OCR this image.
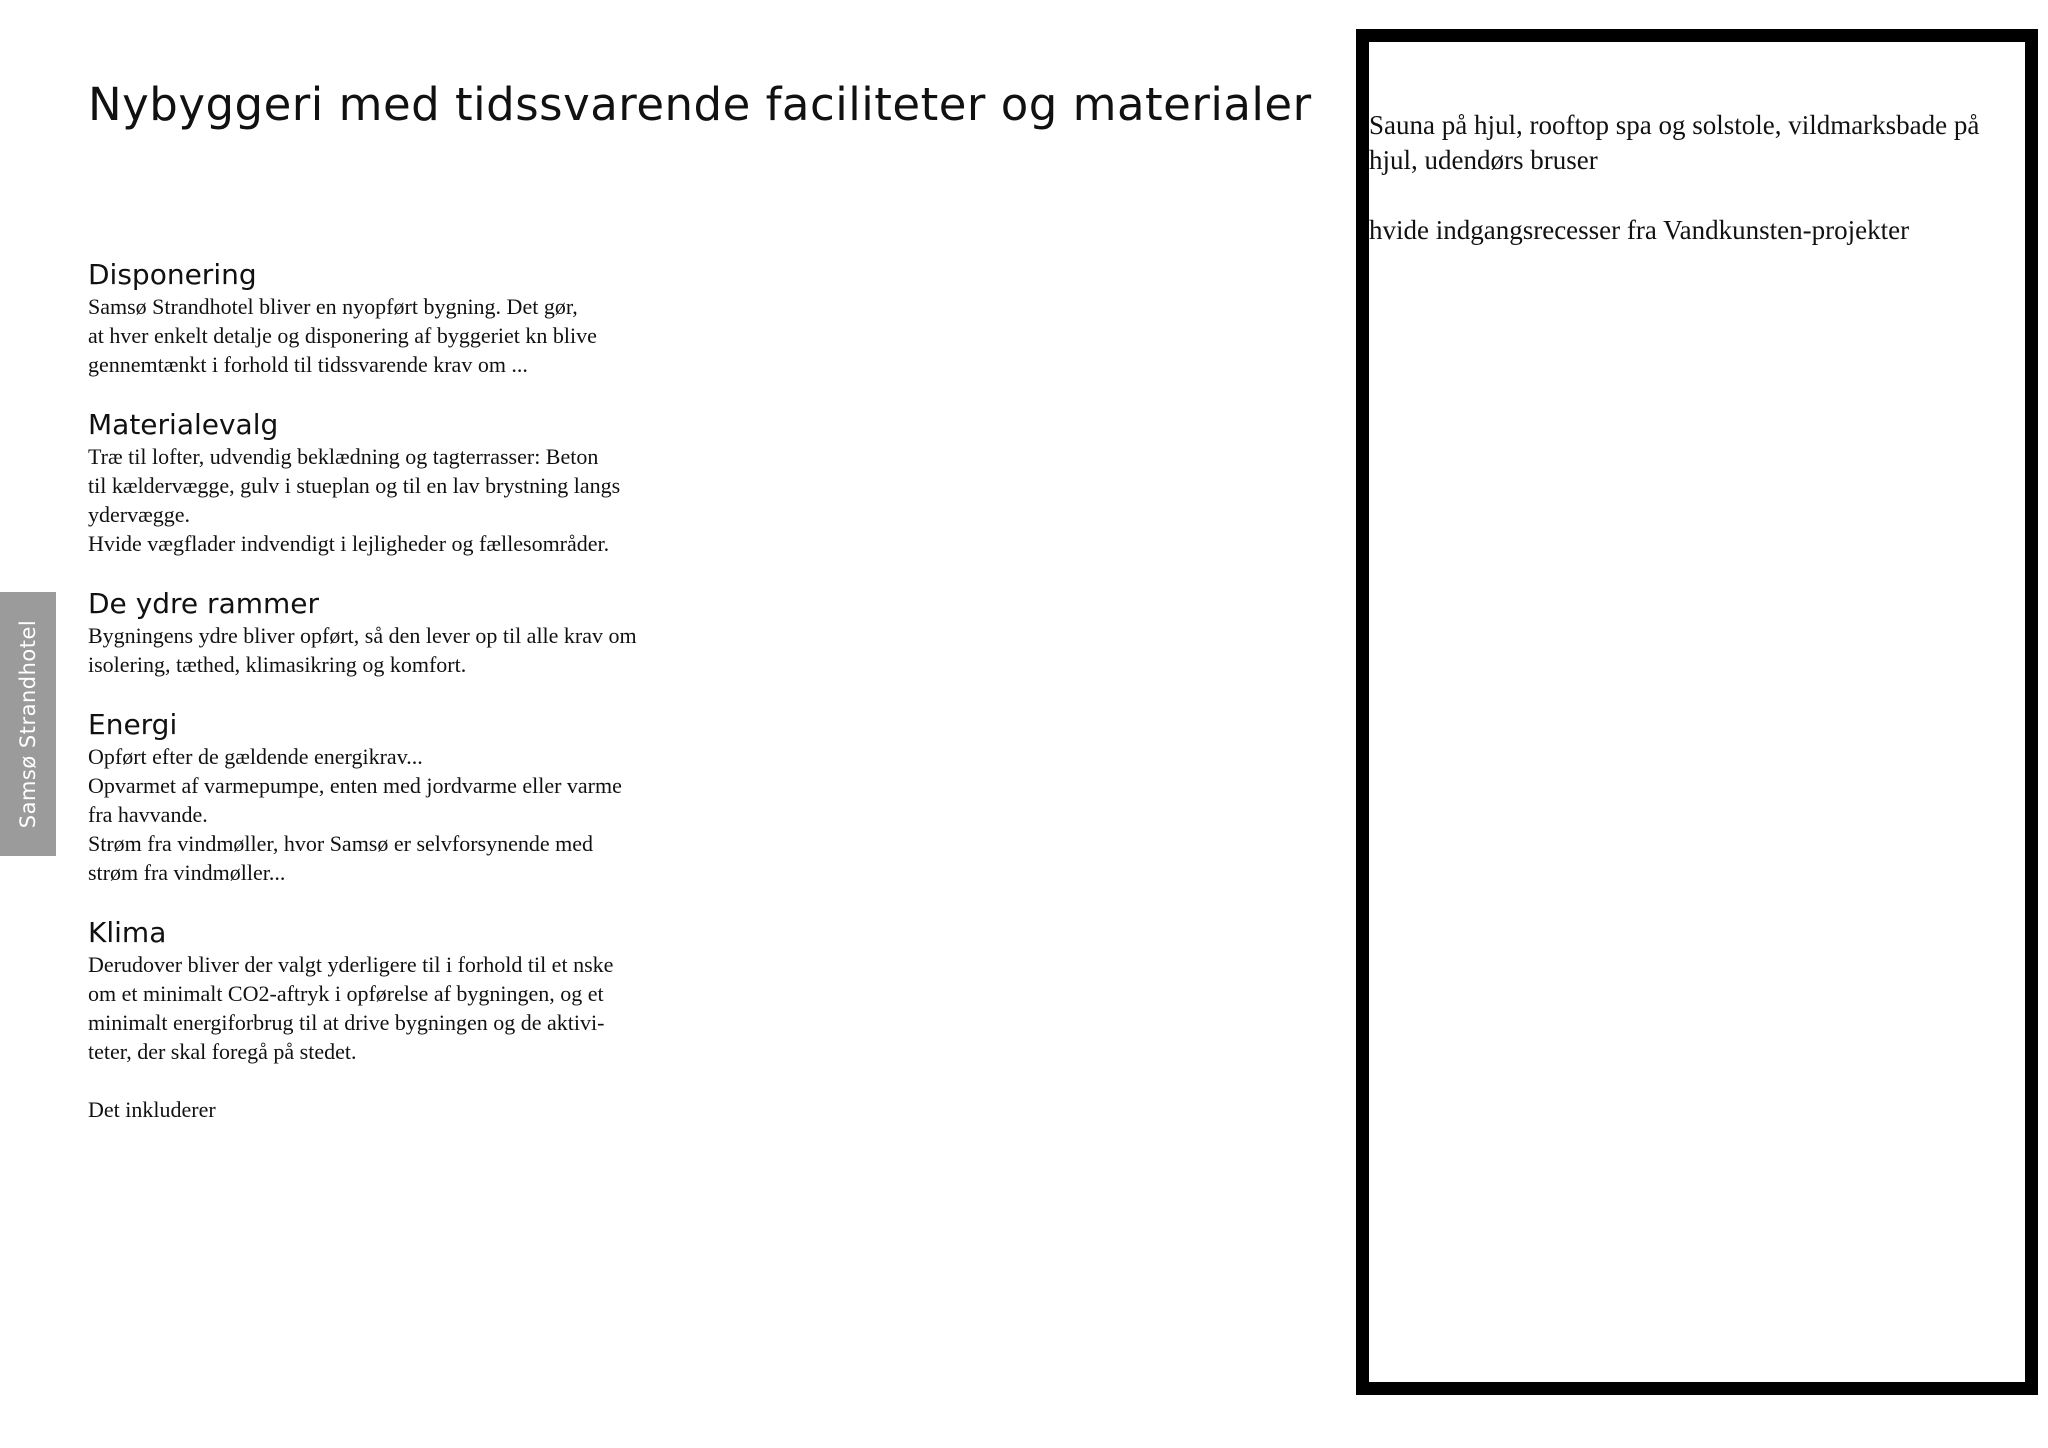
Nybyggeri med tidssvarende faciliteter og materialer
Samsø Strandhotel
Disponering

Samsø Strandhotel bliver en nyopført bygning. Det gør,

at hver enkelt detalje og disponering af byggeriet kn blive

gennemtænkt i forhold til tidssvarende krav om ...

Materialevalg

Træ til lofter, udvendig beklædning og tagterrasser: Beton

til kældervægge, gulv i stueplan og til en lav brystning langs

ydervægge.

Hvide vægflader indvendigt i lejligheder og fællesområder.

De ydre rammer

Bygningens ydre bliver opført, så den lever op til alle krav om

isolering, tæthed, klimasikring og komfort.

Energi

Opført efter de gældende energikrav...

Opvarmet af varmepumpe, enten med jordvarme eller varme

fra havvande.

Strøm fra vindmøller, hvor Samsø er selvforsynende med

strøm fra vindmøller...

Klima

Derudover bliver der valgt yderligere til i forhold til et nske

om et minimalt CO2-aftryk i opførelse af bygningen, og et

minimalt energiforbrug til at drive bygningen og de aktivi-

teter, der skal foregå på stedet.

Det inkluderer

Sauna på hjul, rooftop spa og solstole, vildmarksbade på

hjul, udendørs bruser

hvide indgangsrecesser fra Vandkunsten-projekter
